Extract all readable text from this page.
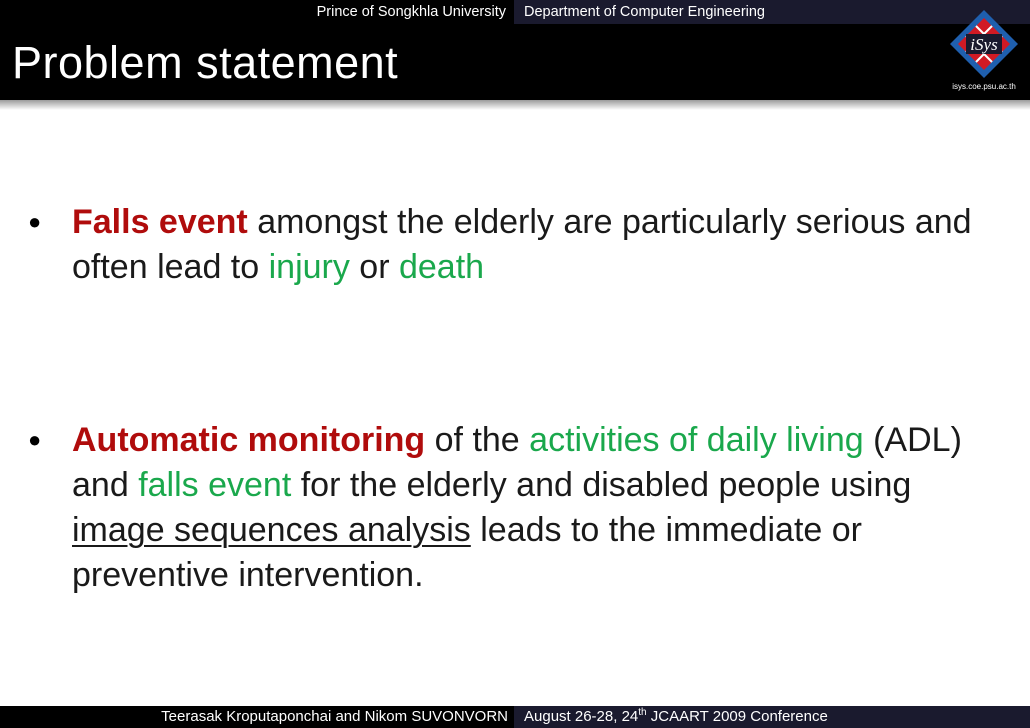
Prince of Songkhla University	Department of Computer Engineering
Problem statement	iSys
isys.coe.psu.ac.th
● Falls event amongst the elderly are particularly serious and often lead to injury or death
● Automatic monitoring of the activities of daily living (ADL) and falls event for the elderly and disabled people using image sequences analysis leads to the immediate or preventive intervention.
Teerasak Kroputaponchai and Nikom SUVONVORN	August 26-28, 24th JCAART 2009 Conference
